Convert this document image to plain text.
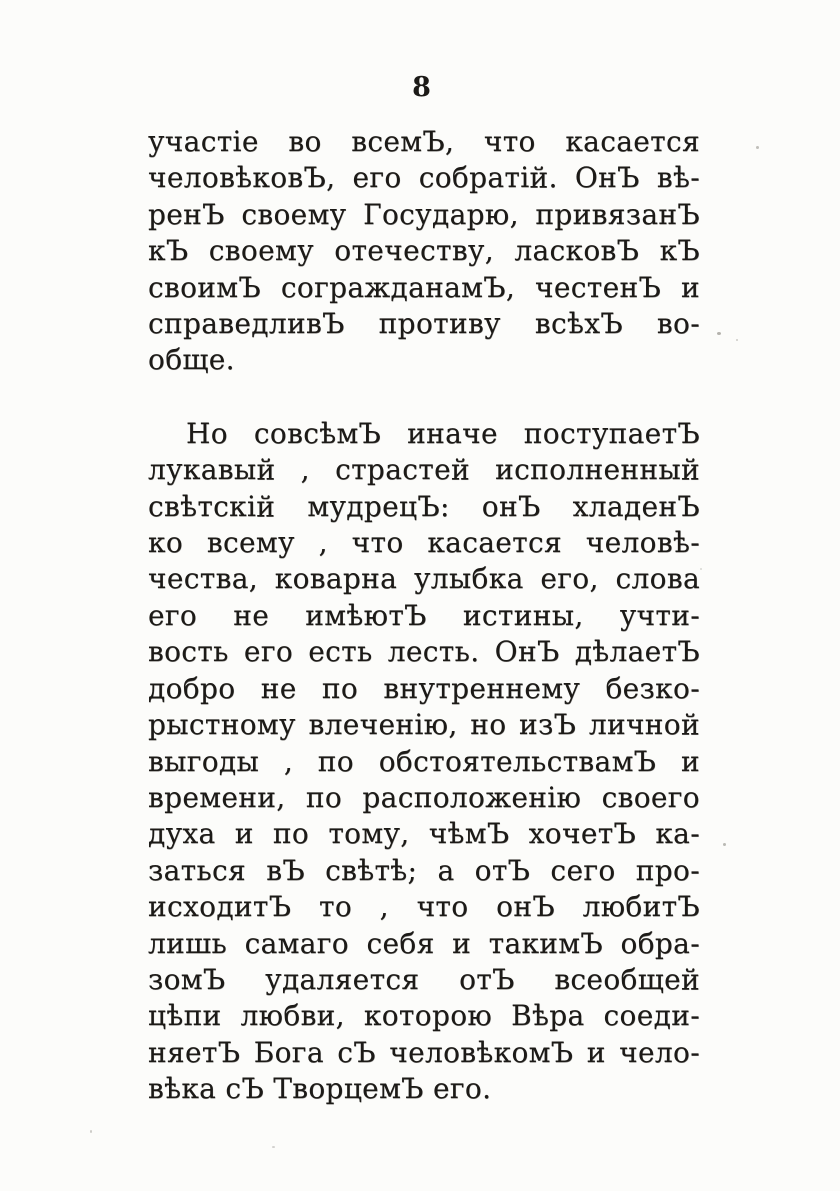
8
участіе во всемЪ, что касается
человѣковЪ, его собратій. ОнЪ вѣ-
ренЪ своему Государю, привязанЪ
кЪ своему отечеству, ласковЪ кЪ
своимЪ согражданамЪ, честенЪ и
справедливЪ противу всѣхЪ во-
обще.
Но совсѣмЪ иначе поступаетЪ
лукавый , страстей исполненный
свѣтскій мудрецЪ: онЪ хладенЪ
ко всему , что касается человѣ-
чества, коварна улыбка его, слова
его не имѣютЪ истины, учти-
вость его есть лесть. ОнЪ дѣлаетЪ
добро не по внутреннему безко-
рыстному влеченію, но изЪ личной
выгоды , по обстоятельствамЪ и
времени, по расположенію своего
духа и по тому, чѣмЪ хочетЪ ка-
заться вЪ свѣтѣ; а отЪ сего про-
исходитЪ то , что онЪ любитЪ
лишь самаго себя и такимЪ обра-
зомЪ удаляется отЪ всеобщей
цѣпи любви, которою Вѣра соеди-
няетЪ Бога сЪ человѣкомЪ и чело-
вѣка сЪ ТворцемЪ его.
